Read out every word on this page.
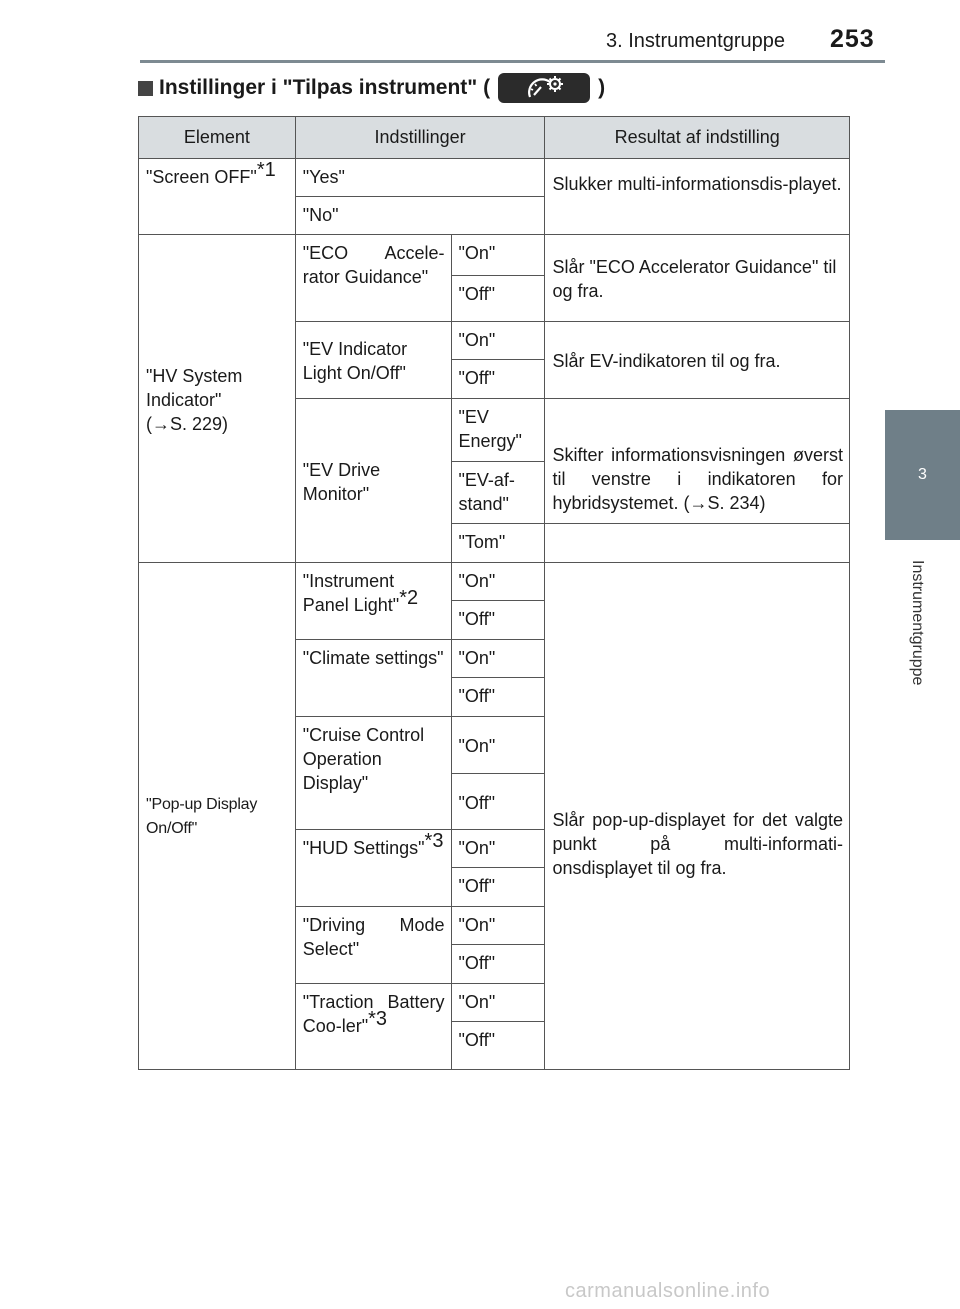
3. Instrumentgruppe 253
3
Instrumentgruppe
Instillinger i "Tilpas instrument" (	)
Element	Indstillinger		Resultat af indstilling
"Screen OFF"$^{*1}$	"Yes"		Slukker multi-informationsdis-playet.
	"No"		

"HV System Indicator"
(→S. 229)	"ECO Accele-rator Guidance"	"On"	Slår "ECO Accelerator Guidance" til og fra.
		"Off"	
	"EV Indicator Light On/Off"	"On"	Slår EV-indikatoren til og fra.
		"Off"	
	"EV Drive Monitor"	"EV Energy"	Skifter informationsvisningen øverst til venstre i indikatoren for hybridsystemet. (→S. 234)
		"EV-af-stand"	
		"Tom"	
"Pop-up Display On/Off"	"Instrument Panel Light"$^{*2}$	"On"	Slår pop-up-displayet for det valgte punkt på multi-informati-onsdisplayet til og fra.
		"Off"	
	"Climate settings"	"On"	
		"Off"	
	"Cruise Control Operation Display"	"On"	
		"Off"	
	"HUD Settings"$^{*3}$	"On"	
		"Off"	
	"Driving Mode Select"	"On"	
		"Off"	
	"Traction Battery Coo-ler"$^{*3}$	"On"	
		"Off"	
carmanualsonline.info
